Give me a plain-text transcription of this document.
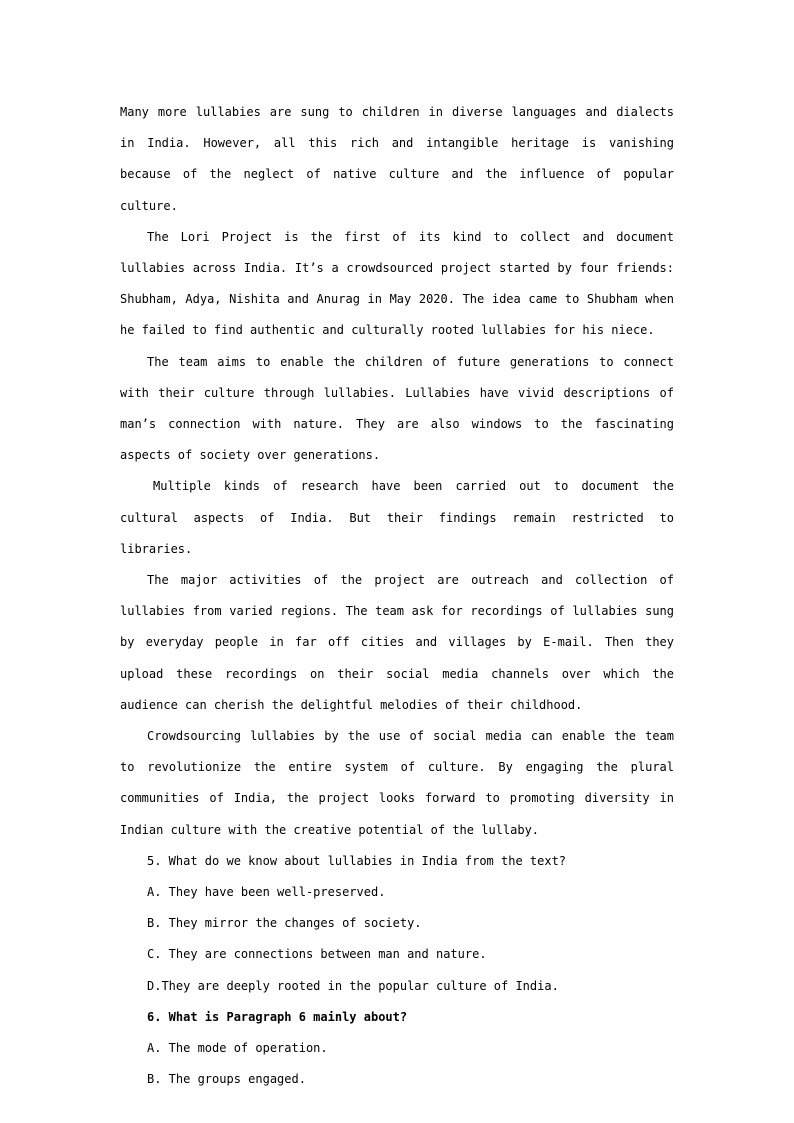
Many more lullabies are sung to children in diverse languages and dialects in India. However, all this rich and intangible heritage is vanishing because of the neglect of native culture and the influence of popular culture.

The Lori Project is the first of its kind to collect and document lullabies across India. It’s a crowdsourced project started by four friends: Shubham, Adya, Nishita and Anurag in May 2020. The idea came to Shubham when he failed to find authentic and culturally rooted lullabies for his niece.

The team aims to enable the children of future generations to connect with their culture through lullabies. Lullabies have vivid descriptions of man’s connection with nature. They are also windows to the fascinating aspects of society over generations.

Multiple kinds of research have been carried out to document the cultural aspects of India. But their findings remain restricted to libraries.

The major activities of the project are outreach and collection of lullabies from varied regions. The team ask for recordings of lullabies sung by everyday people in far off cities and villages by E-mail. Then they upload these recordings on their social media channels over which the audience can cherish the delightful melodies of their childhood.

Crowdsourcing lullabies by the use of social media can enable the team to revolutionize the entire system of culture. By engaging the plural communities of India, the project looks forward to promoting diversity in Indian culture with the creative potential of the lullaby.

5. What do we know about lullabies in India from the text?

A. They have been well-preserved.

B. They mirror the changes of society.

C. They are connections between man and nature.

D.They are deeply rooted in the popular culture of India.

6. What is Paragraph 6 mainly about?

A. The mode of operation.

B. The groups engaged.
